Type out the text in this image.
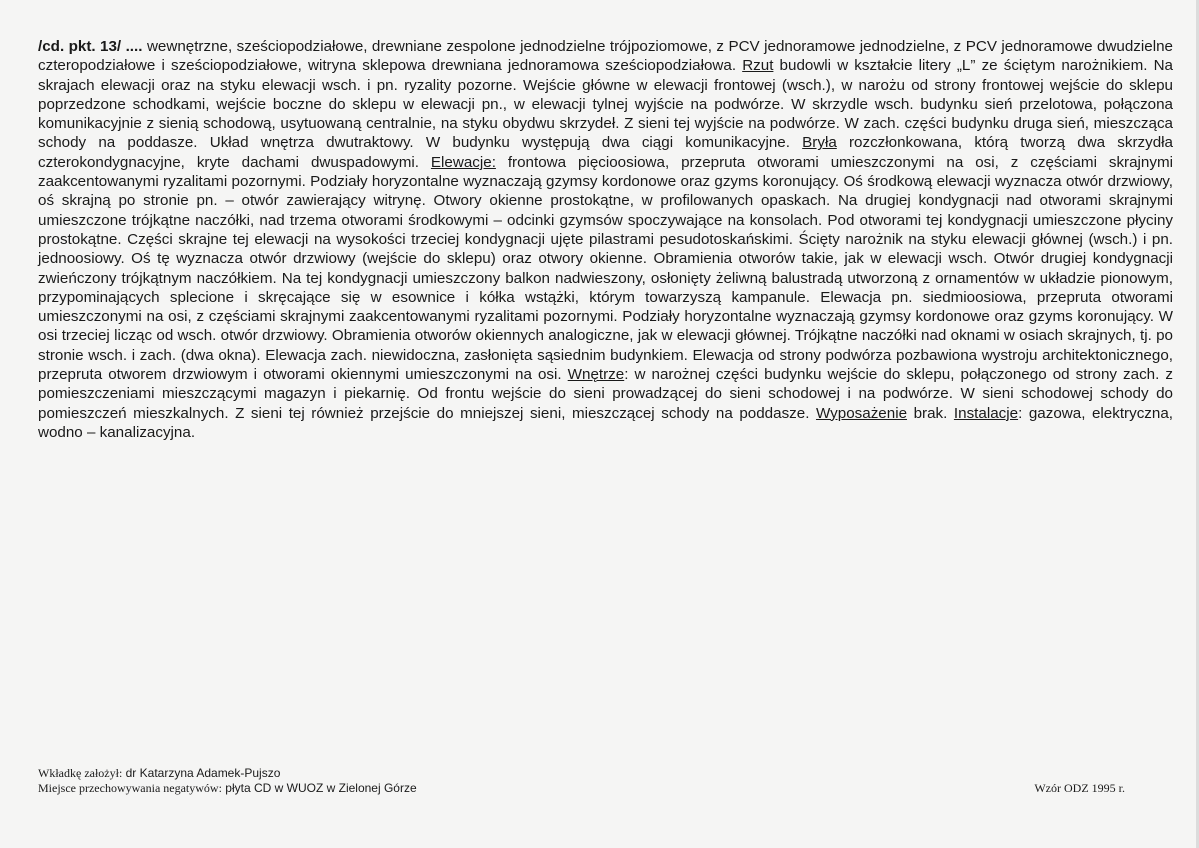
/cd. pkt. 13/ .... wewnętrzne, sześciopodziałowe, drewniane zespolone jednodzielne trójpoziomowe, z PCV jednoramowe jednodzielne, z PCV jednoramowe dwudzielne czteropodziałowe i sześciopodziałowe, witryna sklepowa drewniana jednoramowa sześciopodziałowa. Rzut budowli w kształcie litery „L” ze ściętym narożnikiem. Na skrajach elewacji oraz na styku elewacji wsch. i pn. ryzality pozorne. Wejście główne w elewacji frontowej (wsch.), w narożu od strony frontowej wejście do sklepu poprzedzone schodkami, wejście boczne do sklepu w elewacji pn., w elewacji tylnej wyjście na podwórze. W skrzydle wsch. budynku sień przelotowa, połączona komunikacyjnie z sienią schodową, usytuowaną centralnie, na styku obydwu skrzydeł. Z sieni tej wyjście na podwórze. W zach. części budynku druga sień, mieszcząca schody na poddasze. Układ wnętrza dwutraktowy. W budynku występują dwa ciągi komunikacyjne. Bryła rozczłonkowana, którą tworzą dwa skrzydła czterokondygnacyjne, kryte dachami dwuspadowymi. Elewacje: frontowa pięcioosiowa, przepruta otworami umieszczonymi na osi, z częściami skrajnymi zaakcentowanymi ryzalitami pozornymi. Podziały horyzontalne wyznaczają gzymsy kordonowe oraz gzyms koronujący. Oś środkową elewacji wyznacza otwór drzwiowy, oś skrajną po stronie pn. – otwór zawierający witrynę. Otwory okienne prostokątne, w profilowanych opaskach. Na drugiej kondygnacji nad otworami skrajnymi umieszczone trójkątne naczółki, nad trzema otworami środkowymi – odcinki gzymsów spoczywające na konsolach. Pod otworami tej kondygnacji umieszczone płyciny prostokątne. Części skrajne tej elewacji na wysokości trzeciej kondygnacji ujęte pilastrami pesudotoskańskimi. Ścięty narożnik na styku elewacji głównej (wsch.) i pn. jednoosiowy. Oś tę wyznacza otwór drzwiowy (wejście do sklepu) oraz otwory okienne. Obramienia otworów takie, jak w elewacji wsch. Otwór drugiej kondygnacji zwieńczony trójkątnym naczółkiem. Na tej kondygnacji umieszczony balkon nadwieszony, osłonięty żeliwną balustradą utworzoną z ornamentów w układzie pionowym, przypominających splecione i skręcające się w esownice i kółka wstążki, którym towarzyszą kampanule. Elewacja pn. siedmioosiowa, przepruta otworami umieszczonymi na osi, z częściami skrajnymi zaakcentowanymi ryzalitami pozornymi. Podziały horyzontalne wyznaczają gzymsy kordonowe oraz gzyms koronujący. W osi trzeciej licząc od wsch. otwór drzwiowy. Obramienia otworów okiennych analogiczne, jak w elewacji głównej. Trójkątne naczółki nad oknami w osiach skrajnych, tj. po stronie wsch. i zach. (dwa okna). Elewacja zach. niewidoczna, zasłonięta sąsiednim budynkiem. Elewacja od strony podwórza pozbawiona wystroju architektonicznego, przepruta otworem drzwiowym i otworami okiennymi umieszczonymi na osi. Wnętrze: w narożnej części budynku wejście do sklepu, połączonego od strony zach. z pomieszczeniami mieszczącymi magazyn i piekarnię. Od frontu wejście do sieni prowadzącej do sieni schodowej i na podwórze. W sieni schodowej schody do pomieszczeń mieszkalnych. Z sieni tej również przejście do mniejszej sieni, mieszczącej schody na poddasze. Wyposażenie brak. Instalacje: gazowa, elektryczna, wodno – kanalizacyjna.

Wkładkę założył: dr Katarzyna Adamek-Pujszo
Miejsce przechowywania negatywów: płyta CD w WUOZ w Zielonej Górze	Wzór ODZ 1995 r.
